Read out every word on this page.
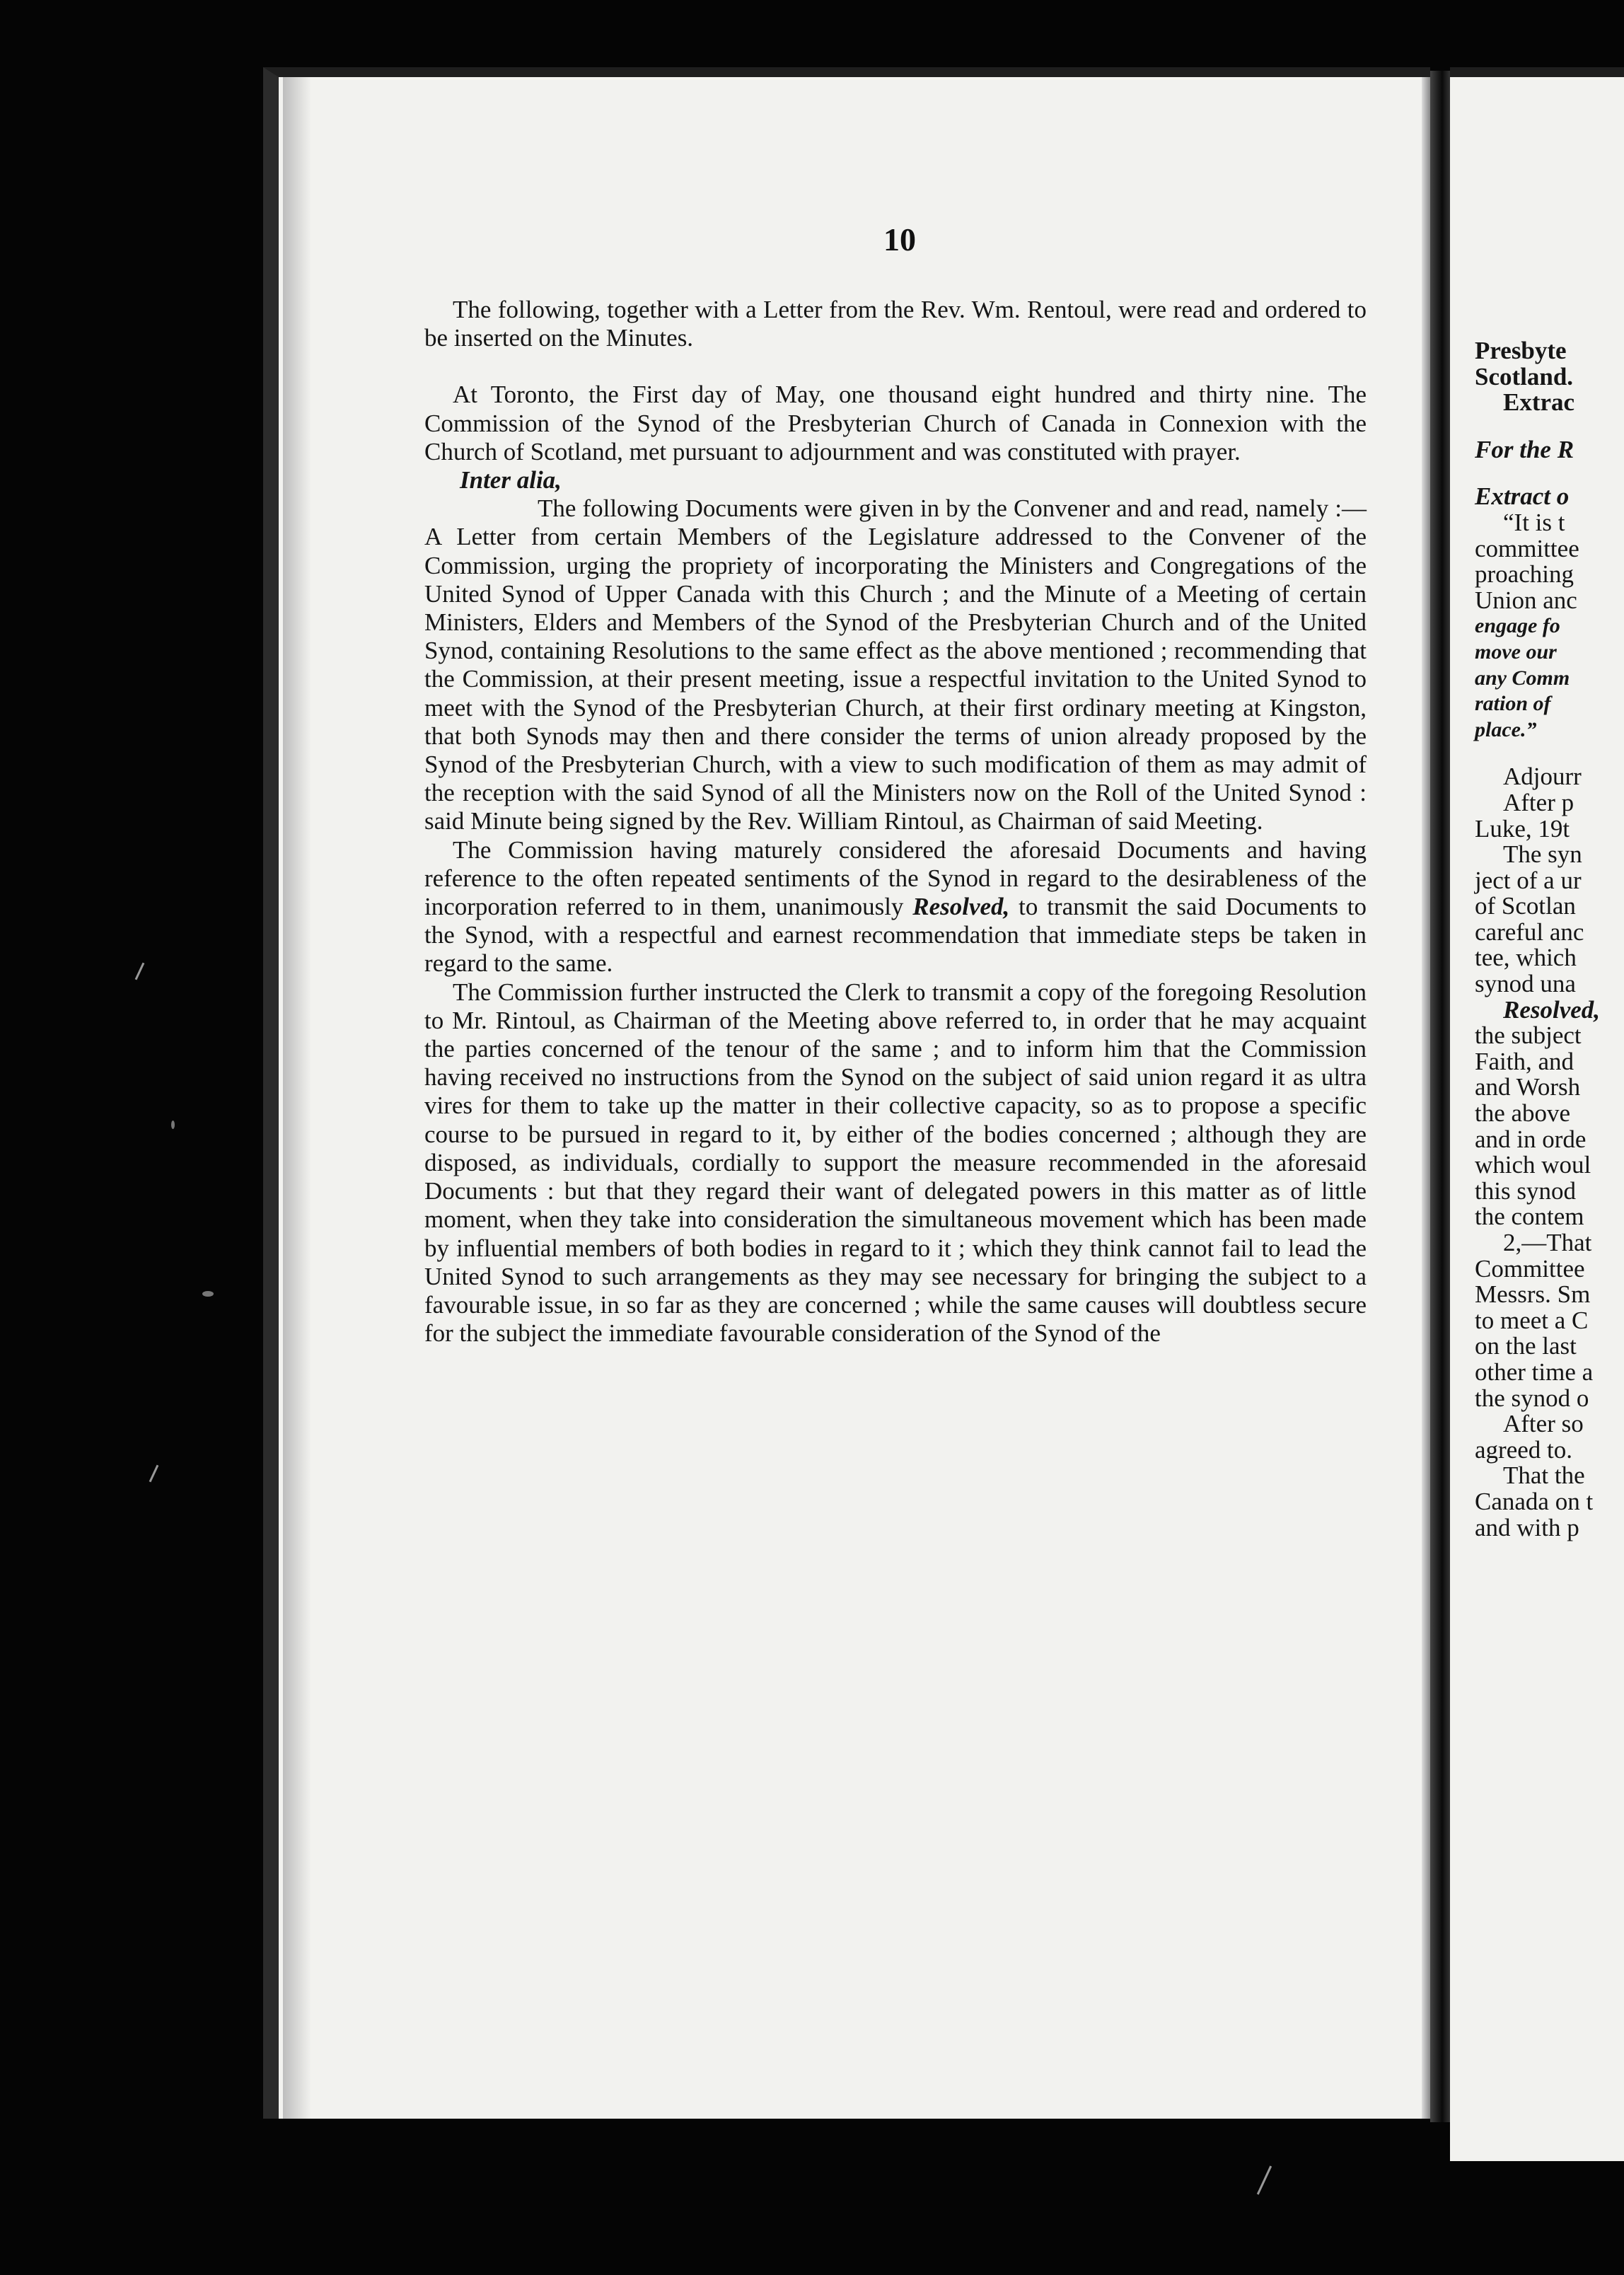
10

The following, together with a Letter from the Rev. Wm. Rentoul, were read and ordered to be inserted on the Minutes.

At Toronto, the First day of May, one thousand eight hundred and thirty nine. The Commission of the Synod of the Presbyterian Church of Canada in Connexion with the Church of Scotland, met pursuant to adjournment and was constituted with prayer.

Inter alia,

The following Documents were given in by the Convener and and read, namely :—A Letter from certain Members of the Legislature addressed to the Convener of the Commission, urging the propriety of incorporating the Ministers and Congregations of the United Synod of Upper Canada with this Church ; and the Minute of a Meeting of certain Ministers, Elders and Members of the Synod of the Presbyterian Church and of the United Synod, containing Resolutions to the same effect as the above mentioned ; recommending that the Commission, at their present meeting, issue a respectful invitation to the United Synod to meet with the Synod of the Presbyterian Church, at their first ordinary meeting at Kingston, that both Synods may then and there consider the terms of union already proposed by the Synod of the Presbyterian Church, with a view to such modification of them as may admit of the reception with the said Synod of all the Ministers now on the Roll of the United Synod : said Minute being signed by the Rev. William Rintoul, as Chairman of said Meeting.

The Commission having maturely considered the aforesaid Documents and having reference to the often repeated sentiments of the Synod in regard to the desirableness of the incorporation referred to in them, unanimously Resolved, to transmit the said Documents to the Synod, with a respectful and earnest recommendation that immediate steps be taken in regard to the same.

The Commission further instructed the Clerk to transmit a copy of the foregoing Resolution to Mr. Rintoul, as Chairman of the Meeting above referred to, in order that he may acquaint the parties concerned of the tenour of the same ; and to inform him that the Commission having received no instructions from the Synod on the subject of said union regard it as ultra vires for them to take up the matter in their collective capacity, so as to propose a specific course to be pursued in regard to it, by either of the bodies concerned ; although they are disposed, as individuals, cordially to support the measure recommended in the aforesaid Documents : but that they regard their want of delegated powers in this matter as of little moment, when they take into consideration the simultaneous movement which has been made by influential members of both bodies in regard to it ; which they think cannot fail to lead the United Synod to such arrangements as they may see necessary for bringing the subject to a favourable issue, in so far as they are concerned ; while the same causes will doubtless secure for the subject the immediate favourable consideration of the Synod of the

Presbyte
Scotland.
Extrac
For the R
Extract o
“It is t
committee
proaching
Union anc
engage fo
move our
any Comm
ration of
place.”
Adjourr
After p
Luke, 19t
The syn
ject of a ur
of Scotlan
careful anc
tee, which
synod una
Resolved,
the subject
Faith, and
and Worsh
the above
and in orde
which woul
this synod
the contem
2,—That
Committee
Messrs. Sm
to meet a C
on the last
other time a
the synod o
After so
agreed to.
That the
Canada on t
and with p
